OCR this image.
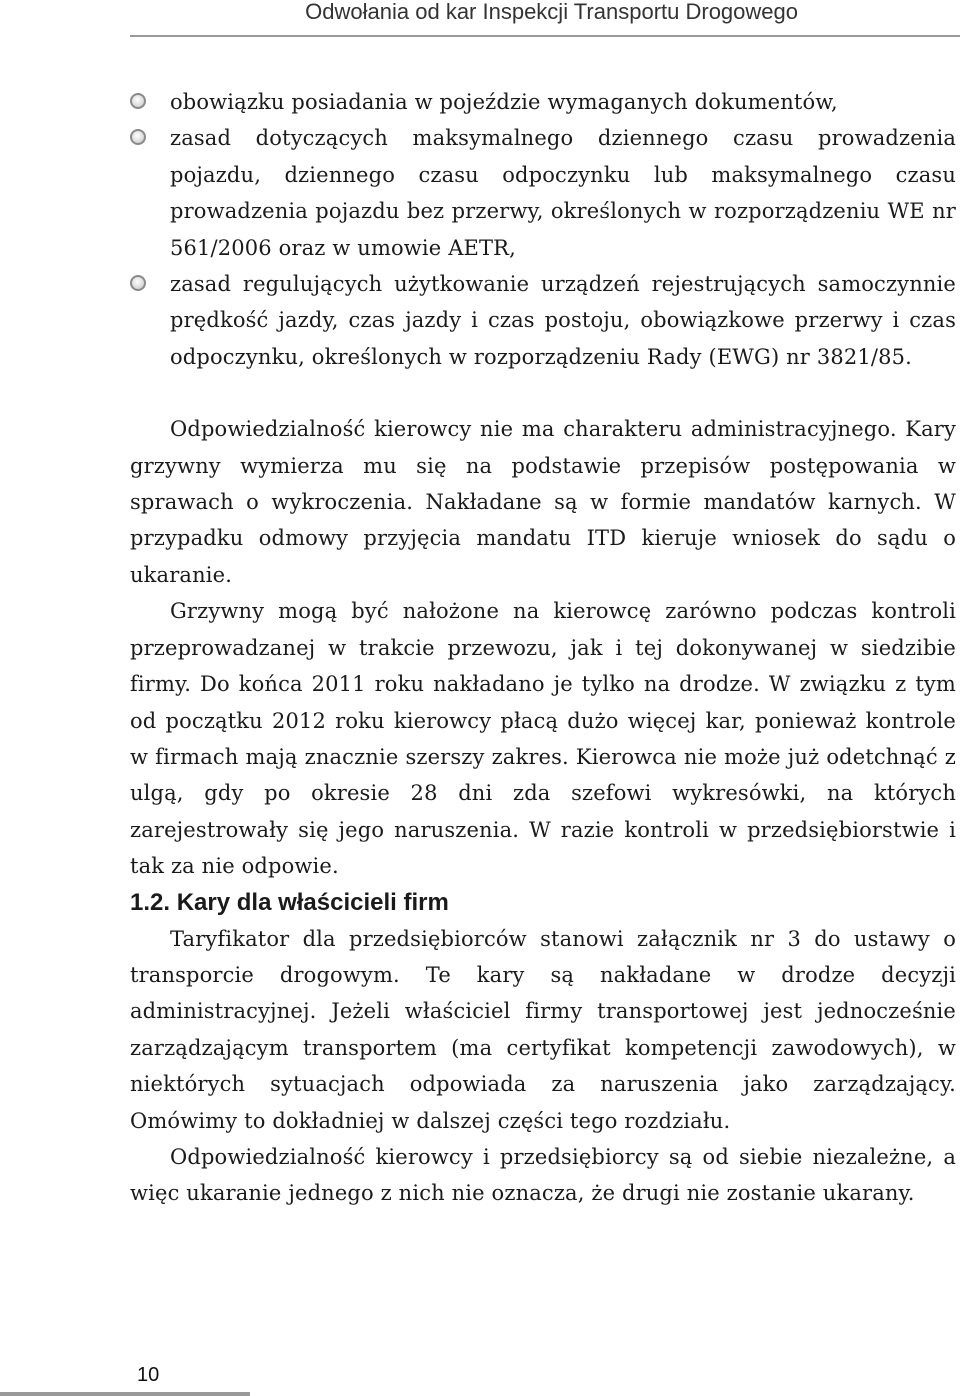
Odwołania od kar Inspekcji Transportu Drogowego
obowiązku posiadania w pojeździe wymaganych dokumentów,
zasad dotyczących maksymalnego dziennego czasu prowadzenia pojazdu, dziennego czasu odpoczynku lub maksymalnego czasu prowadzenia pojazdu bez przerwy, określonych w rozporządzeniu WE nr 561/2006 oraz w umowie AETR,
zasad regulujących użytkowanie urządzeń rejestrujących samoczynnie prędkość jazdy, czas jazdy i czas postoju, obowiązkowe przerwy i czas odpoczynku, określonych w rozporządzeniu Rady (EWG) nr 3821/85.

Odpowiedzialność kierowcy nie ma charakteru administracyjnego. Kary grzywny wymierza mu się na podstawie przepisów postępowania w sprawach o wykroczenia. Nakładane są w formie mandatów karnych. W przypadku odmowy przyjęcia mandatu ITD kieruje wniosek do sądu o ukaranie.

Grzywny mogą być nałożone na kierowcę zarówno podczas kontroli przeprowadzanej w trakcie przewozu, jak i tej dokonywanej w siedzibie firmy. Do końca 2011 roku nakładano je tylko na drodze. W związku z tym od początku 2012 roku kierowcy płacą dużo więcej kar, ponieważ kontrole w firmach mają znacznie szerszy zakres. Kierowca nie może już odetchnąć z ulgą, gdy po okresie 28 dni zda szefowi wykresówki, na których zarejestrowały się jego naruszenia. W razie kontroli w przedsiębiorstwie i tak za nie odpowie.

1.2. Kary dla właścicieli firm

Taryfikator dla przedsiębiorców stanowi załącznik nr 3 do ustawy o transporcie drogowym. Te kary są nakładane w drodze decyzji administracyjnej. Jeżeli właściciel firmy transportowej jest jednocześnie zarządzającym transportem (ma certyfikat kompetencji zawodowych), w niektórych sytuacjach odpowiada za naruszenia jako zarządzający. Omówimy to dokładniej w dalszej części tego rozdziału.

Odpowiedzialność kierowcy i przedsiębiorcy są od siebie niezależne, a więc ukaranie jednego z nich nie oznacza, że drugi nie zostanie ukarany.

10
